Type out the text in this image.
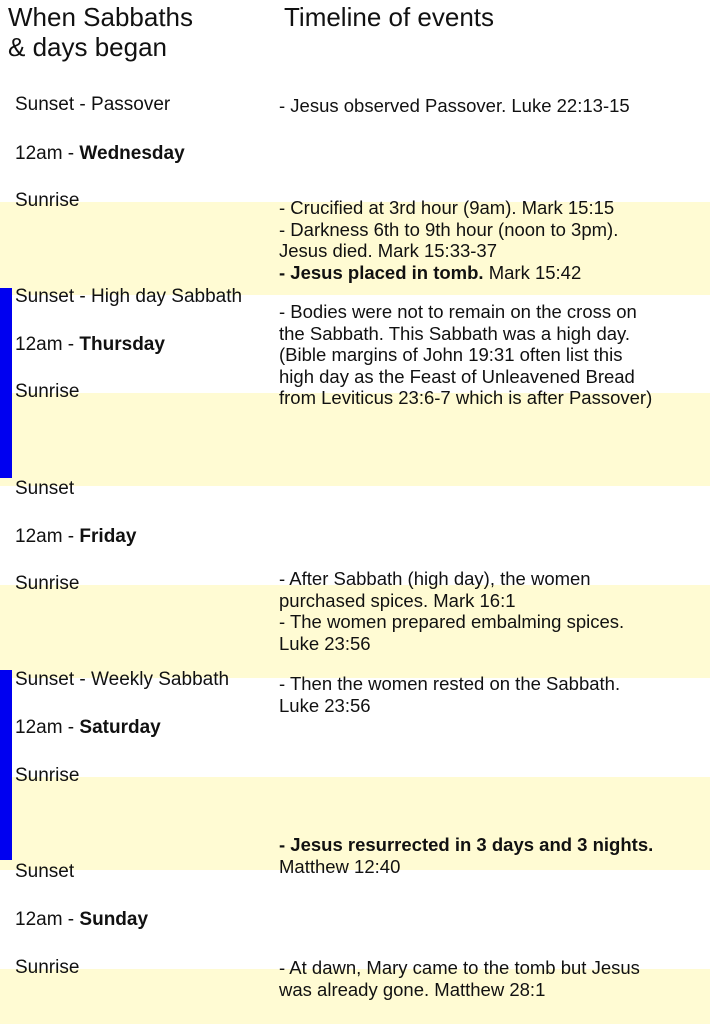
When Sabbaths
& days began
Timeline of events
Sunset - Passover
12am - Wednesday
Sunrise
Sunset - High day Sabbath
12am - Thursday
Sunrise
Sunset
12am - Friday
Sunrise
Sunset - Weekly Sabbath
12am - Saturday
Sunrise
Sunset
12am - Sunday
Sunrise
- Jesus observed Passover. Luke 22:13-15
- Crucified at 3rd hour (9am). Mark 15:15
- Darkness 6th to 9th hour (noon to 3pm).
Jesus died. Mark 15:33-37
- Jesus placed in tomb. Mark 15:42
- Bodies were not to remain on the cross on
the Sabbath. This Sabbath was a high day.
(Bible margins of John 19:31 often list this
high day as the Feast of Unleavened Bread
from Leviticus 23:6-7 which is after Passover)
- After Sabbath (high day), the women
purchased spices. Mark 16:1
- The women prepared embalming spices.
Luke 23:56
- Then the women rested on the Sabbath.
Luke 23:56
- Jesus resurrected in 3 days and 3 nights.
Matthew 12:40
- At dawn, Mary came to the tomb but Jesus
was already gone. Matthew 28:1
